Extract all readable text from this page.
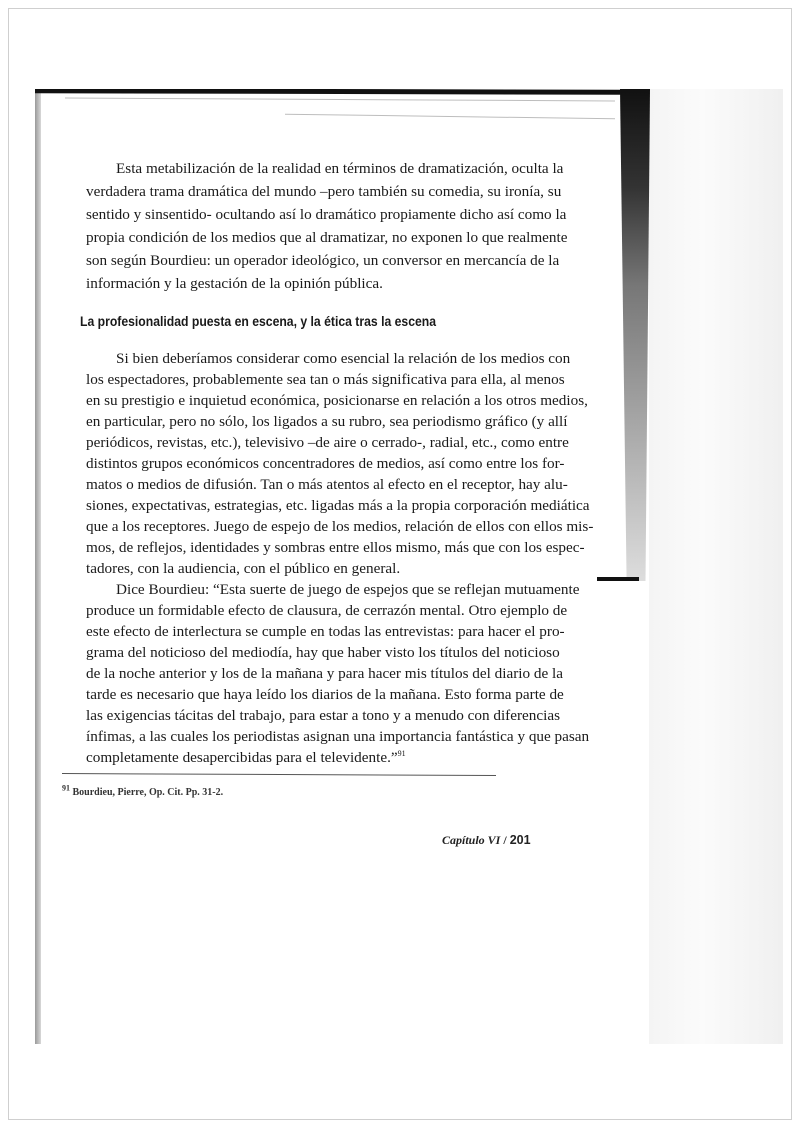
Esta metabilización de la realidad en términos de dramatización, oculta la
verdadera trama dramática del mundo –pero también su comedia, su ironía, su
sentido y sinsentido- ocultando así lo dramático propiamente dicho así como la
propia condición de los medios que al dramatizar, no exponen lo que realmente
son según Bourdieu: un operador ideológico, un conversor en mercancía de la
información y la gestación de la opinión pública.
La profesionalidad puesta en escena, y la ética tras la escena
Si bien deberíamos considerar como esencial la relación de los medios con
los espectadores, probablemente sea tan o más significativa para ella, al menos
en su prestigio e inquietud económica, posicionarse en relación a los otros medios,
en particular, pero no sólo, los ligados a su rubro, sea periodismo gráfico (y allí
periódicos, revistas, etc.), televisivo –de aire o cerrado-, radial, etc., como entre
distintos grupos económicos concentradores de medios, así como entre los for-
matos o medios de difusión. Tan o más atentos al efecto en el receptor, hay alu-
siones, expectativas, estrategias, etc. ligadas más a la propia corporación mediática
que a los receptores. Juego de espejo de los medios, relación de ellos con ellos mis-
mos, de reflejos, identidades y sombras entre ellos mismo, más que con los espec-
tadores, con la audiencia, con el público en general.
Dice Bourdieu: “Esta suerte de juego de espejos que se reflejan mutuamente
produce un formidable efecto de clausura, de cerrazón mental. Otro ejemplo de
este efecto de interlectura se cumple en todas las entrevistas: para hacer el pro-
grama del noticioso del mediodía, hay que haber visto los títulos del noticioso
de la noche anterior y los de la mañana y para hacer mis títulos del diario de la
tarde es necesario que haya leído los diarios de la mañana. Esto forma parte de
las exigencias tácitas del trabajo, para estar a tono y a menudo con diferencias
ínfimas, a las cuales los periodistas asignan una importancia fantástica y que pasan
completamente desapercibidas para el televidente.”$^{91}$
$^{91}$ Bourdieu, Pierre, Op. Cit. Pp. 31-2.
Capítulo VI / 201
